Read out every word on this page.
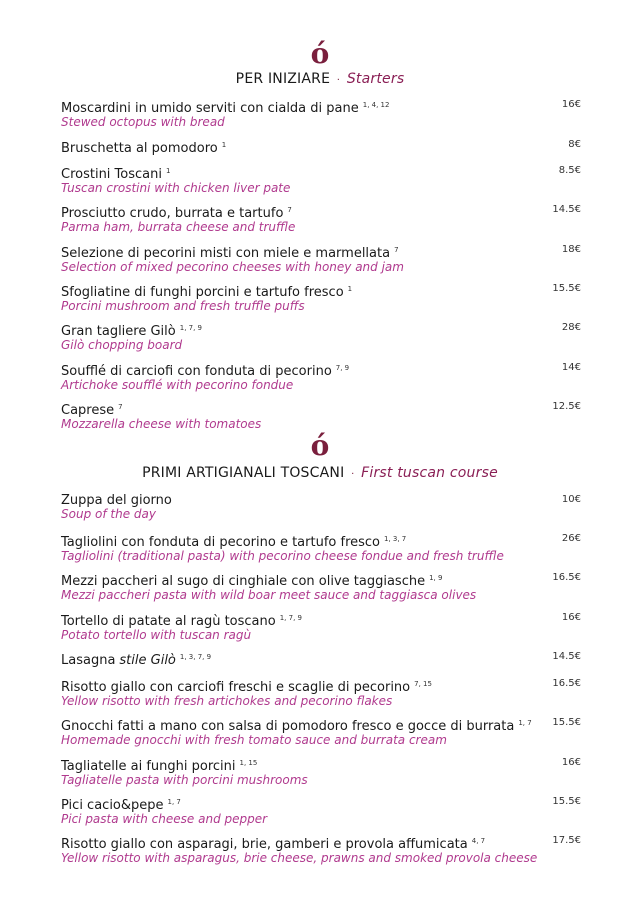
ó
PER INIZIARE · Starters
Moscardini in umido serviti con cialda di pane $^{1, 4, 12}$
Stewed octopus with bread
16€
Bruschetta al pomodoro $^1$	8€
Crostini Toscani $^1$
Tuscan crostini with chicken liver pate
8.5€
Prosciutto crudo, burrata e tartufo $^7$
Parma ham, burrata cheese and truffle
14.5€
Selezione di pecorini misti con miele e marmellata $^7$
Selection of mixed pecorino cheeses with honey and jam
18€
Sfogliatine di funghi porcini e tartufo fresco $^1$
Porcini mushroom and fresh truffle puffs
15.5€
Gran tagliere Gilò $^{1, 7, 9}$
Gilò chopping board
28€
Soufflé di carciofi con fonduta di pecorino $^{7, 9}$
Artichoke soufflé with pecorino fondue
14€
Caprese $^7$
Mozzarella cheese with tomatoes
12.5€
ó
PRIMI ARTIGIANALI TOSCANI · First tuscan course
Zuppa del giorno
Soup of the day
10€
Tagliolini con fonduta di pecorino e tartufo fresco $^{1, 3, 7}$
Tagliolini (traditional pasta) with pecorino cheese fondue and fresh truffle
26€
Mezzi paccheri al sugo di cinghiale con olive taggiasche $^{1, 9}$
Mezzi paccheri pasta with wild boar meet sauce and taggiasca olives
16.5€
Tortello di patate al ragù toscano $^{1, 7, 9}$
Potato tortello with tuscan ragù
16€
Lasagna stile Gilò $^{1, 3, 7, 9}$	14.5€
Risotto giallo con carciofi freschi e scaglie di pecorino $^{7, 15}$
Yellow risotto with fresh artichokes and pecorino flakes
16.5€
Gnocchi fatti a mano con salsa di pomodoro fresco e gocce di burrata $^{1, 7}$
Homemade gnocchi with fresh tomato sauce and burrata cream
15.5€
Tagliatelle ai funghi porcini $^{1, 15}$
Tagliatelle pasta with porcini mushrooms
16€
Pici cacio&pepe $^{1, 7}$
Pici pasta with cheese and pepper
15.5€
Risotto giallo con asparagi, brie, gamberi e provola affumicata $^{4, 7}$
Yellow risotto with asparagus, brie cheese, prawns and smoked provola cheese
17.5€
